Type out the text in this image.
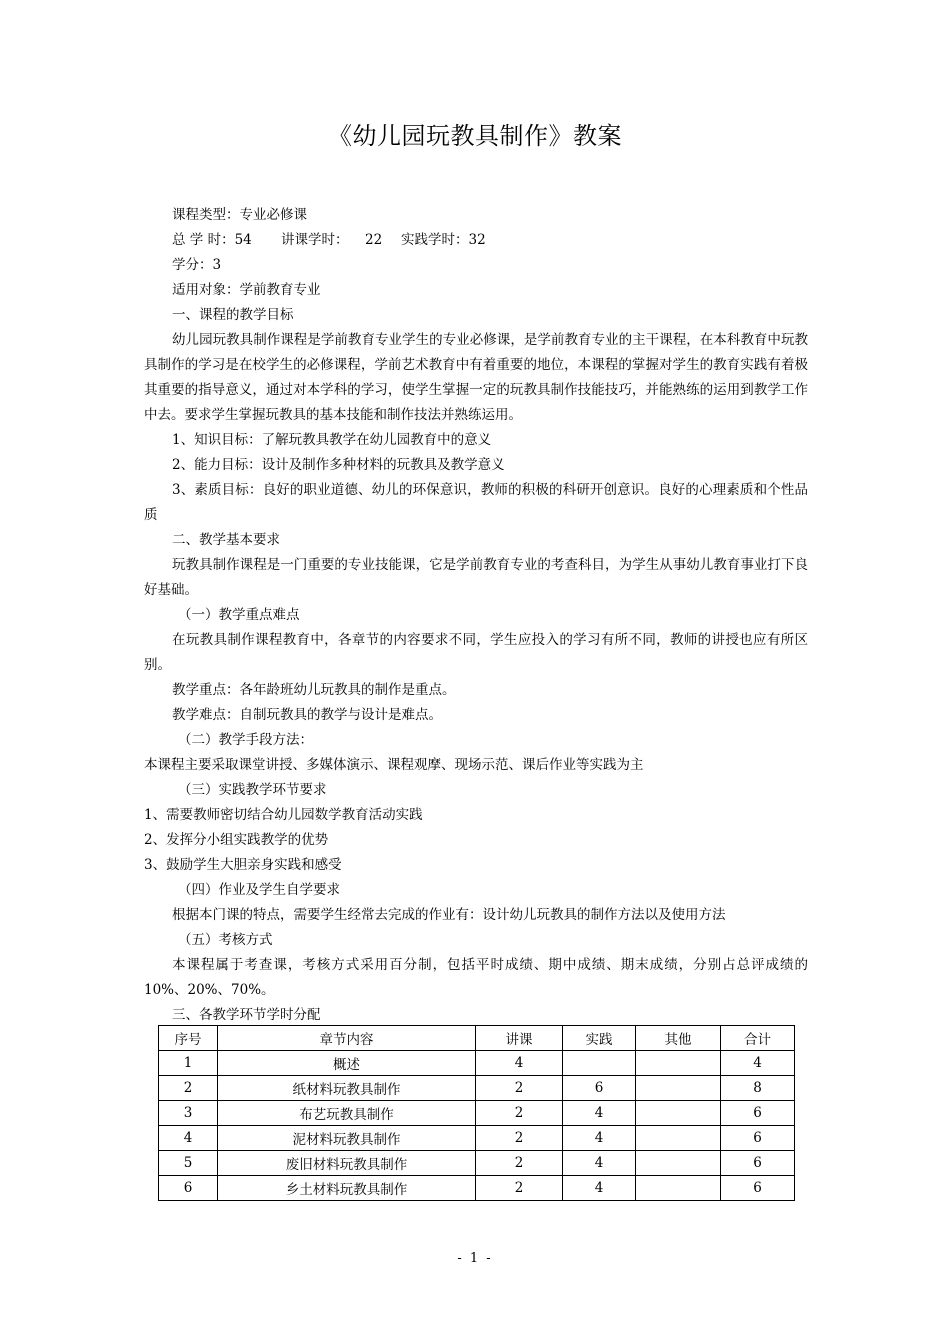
《幼儿园玩教具制作》教案
课程类型：专业必修课
总 学 时：54 讲课学时： 22 实践学时：32
学分：3
适用对象：学前教育专业
一、课程的教学目标
幼儿园玩教具制作课程是学前教育专业学生的专业必修课，是学前教育专业的主干课程，在本科教育中玩教具制作的学习是在校学生的必修课程，学前艺术教育中有着重要的地位，本课程的掌握对学生的教育实践有着极其重要的指导意义，通过对本学科的学习，使学生掌握一定的玩教具制作技能技巧，并能熟练的运用到教学工作中去。要求学生掌握玩教具的基本技能和制作技法并熟练运用。
1、知识目标：了解玩教具教学在幼儿园教育中的意义
2、能力目标：设计及制作多种材料的玩教具及教学意义
3、素质目标：良好的职业道德、幼儿的环保意识，教师的积极的科研开创意识。良好的心理素质和个性品质
二、教学基本要求
玩教具制作课程是一门重要的专业技能课，它是学前教育专业的考查科目，为学生从事幼儿教育事业打下良好基础。
（一）教学重点难点
在玩教具制作课程教育中，各章节的内容要求不同，学生应投入的学习有所不同，教师的讲授也应有所区别。
教学重点：各年龄班幼儿玩教具的制作是重点。
教学难点：自制玩教具的教学与设计是难点。
（二）教学手段方法：
本课程主要采取课堂讲授、多媒体演示、课程观摩、现场示范、课后作业等实践为主
（三）实践教学环节要求
1、需要教师密切结合幼儿园数学教育活动实践
2、发挥分小组实践教学的优势
3、鼓励学生大胆亲身实践和感受
（四）作业及学生自学要求
根据本门课的特点，需要学生经常去完成的作业有：设计幼儿玩教具的制作方法以及使用方法
（五）考核方式
本课程属于考查课，考核方式采用百分制，包括平时成绩、期中成绩、期末成绩，分别占总评成绩的10%、20%、70%。
三、各教学环节学时分配
序号	章节内容	讲课	实践	其他	合计
1	概述	4			4
2	纸材料玩教具制作	2	6		8
3	布艺玩教具制作	2	4		6
4	泥材料玩教具制作	2	4		6
5	废旧材料玩教具制作	2	4		6
6	乡土材料玩教具制作	2	4		6
- 1 -
